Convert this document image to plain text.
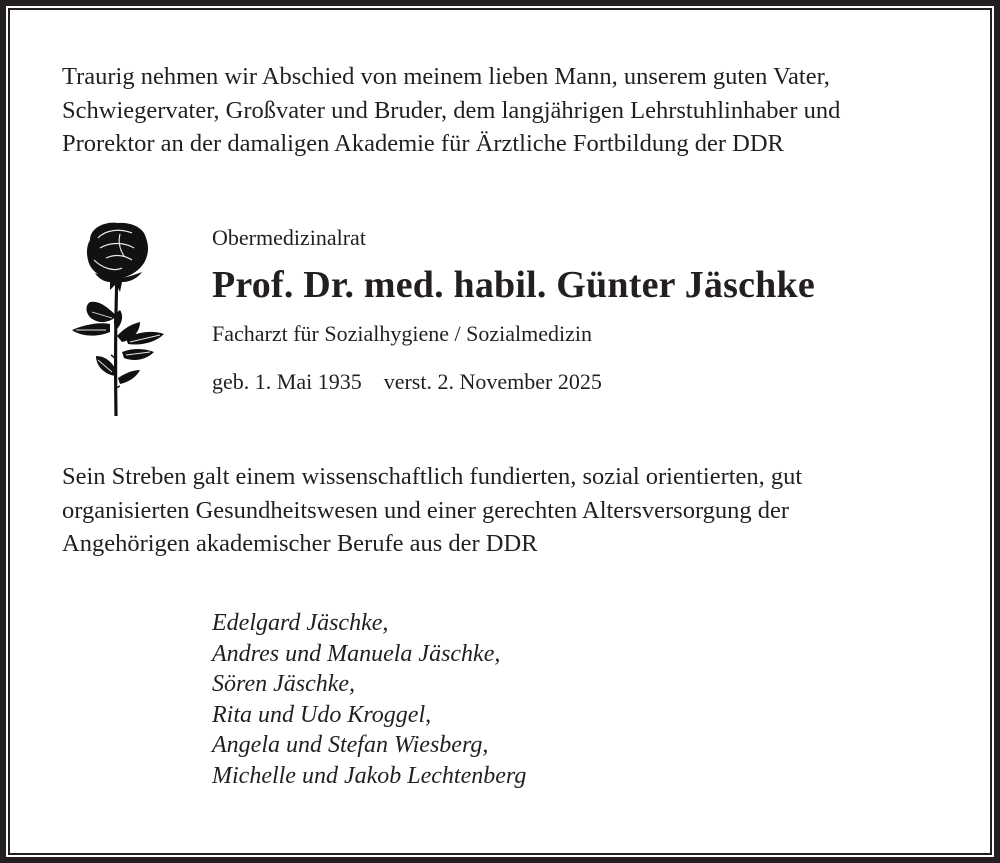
Traurig nehmen wir Abschied von meinem lieben Mann, unserem guten Vater,
Schwiegervater, Großvater und Bruder, dem langjährigen Lehrstuhlinhaber und
Prorektor an der damaligen Akademie für Ärztliche Fortbildung der DDR
Obermedizinalrat
Prof. Dr. med. habil. Günter Jäschke
Facharzt für Sozialhygiene / Sozialmedizin
geb. 1. Mai 1935 verst. 2. November 2025
Sein Streben galt einem wissenschaftlich fundierten, sozial orientierten, gut
organisierten Gesundheitswesen und einer gerechten Altersversorgung der
Angehörigen akademischer Berufe aus der DDR
Edelgard Jäschke,
Andres und Manuela Jäschke,
Sören Jäschke,
Rita und Udo Kroggel,
Angela und Stefan Wiesberg,
Michelle und Jakob Lechtenberg
